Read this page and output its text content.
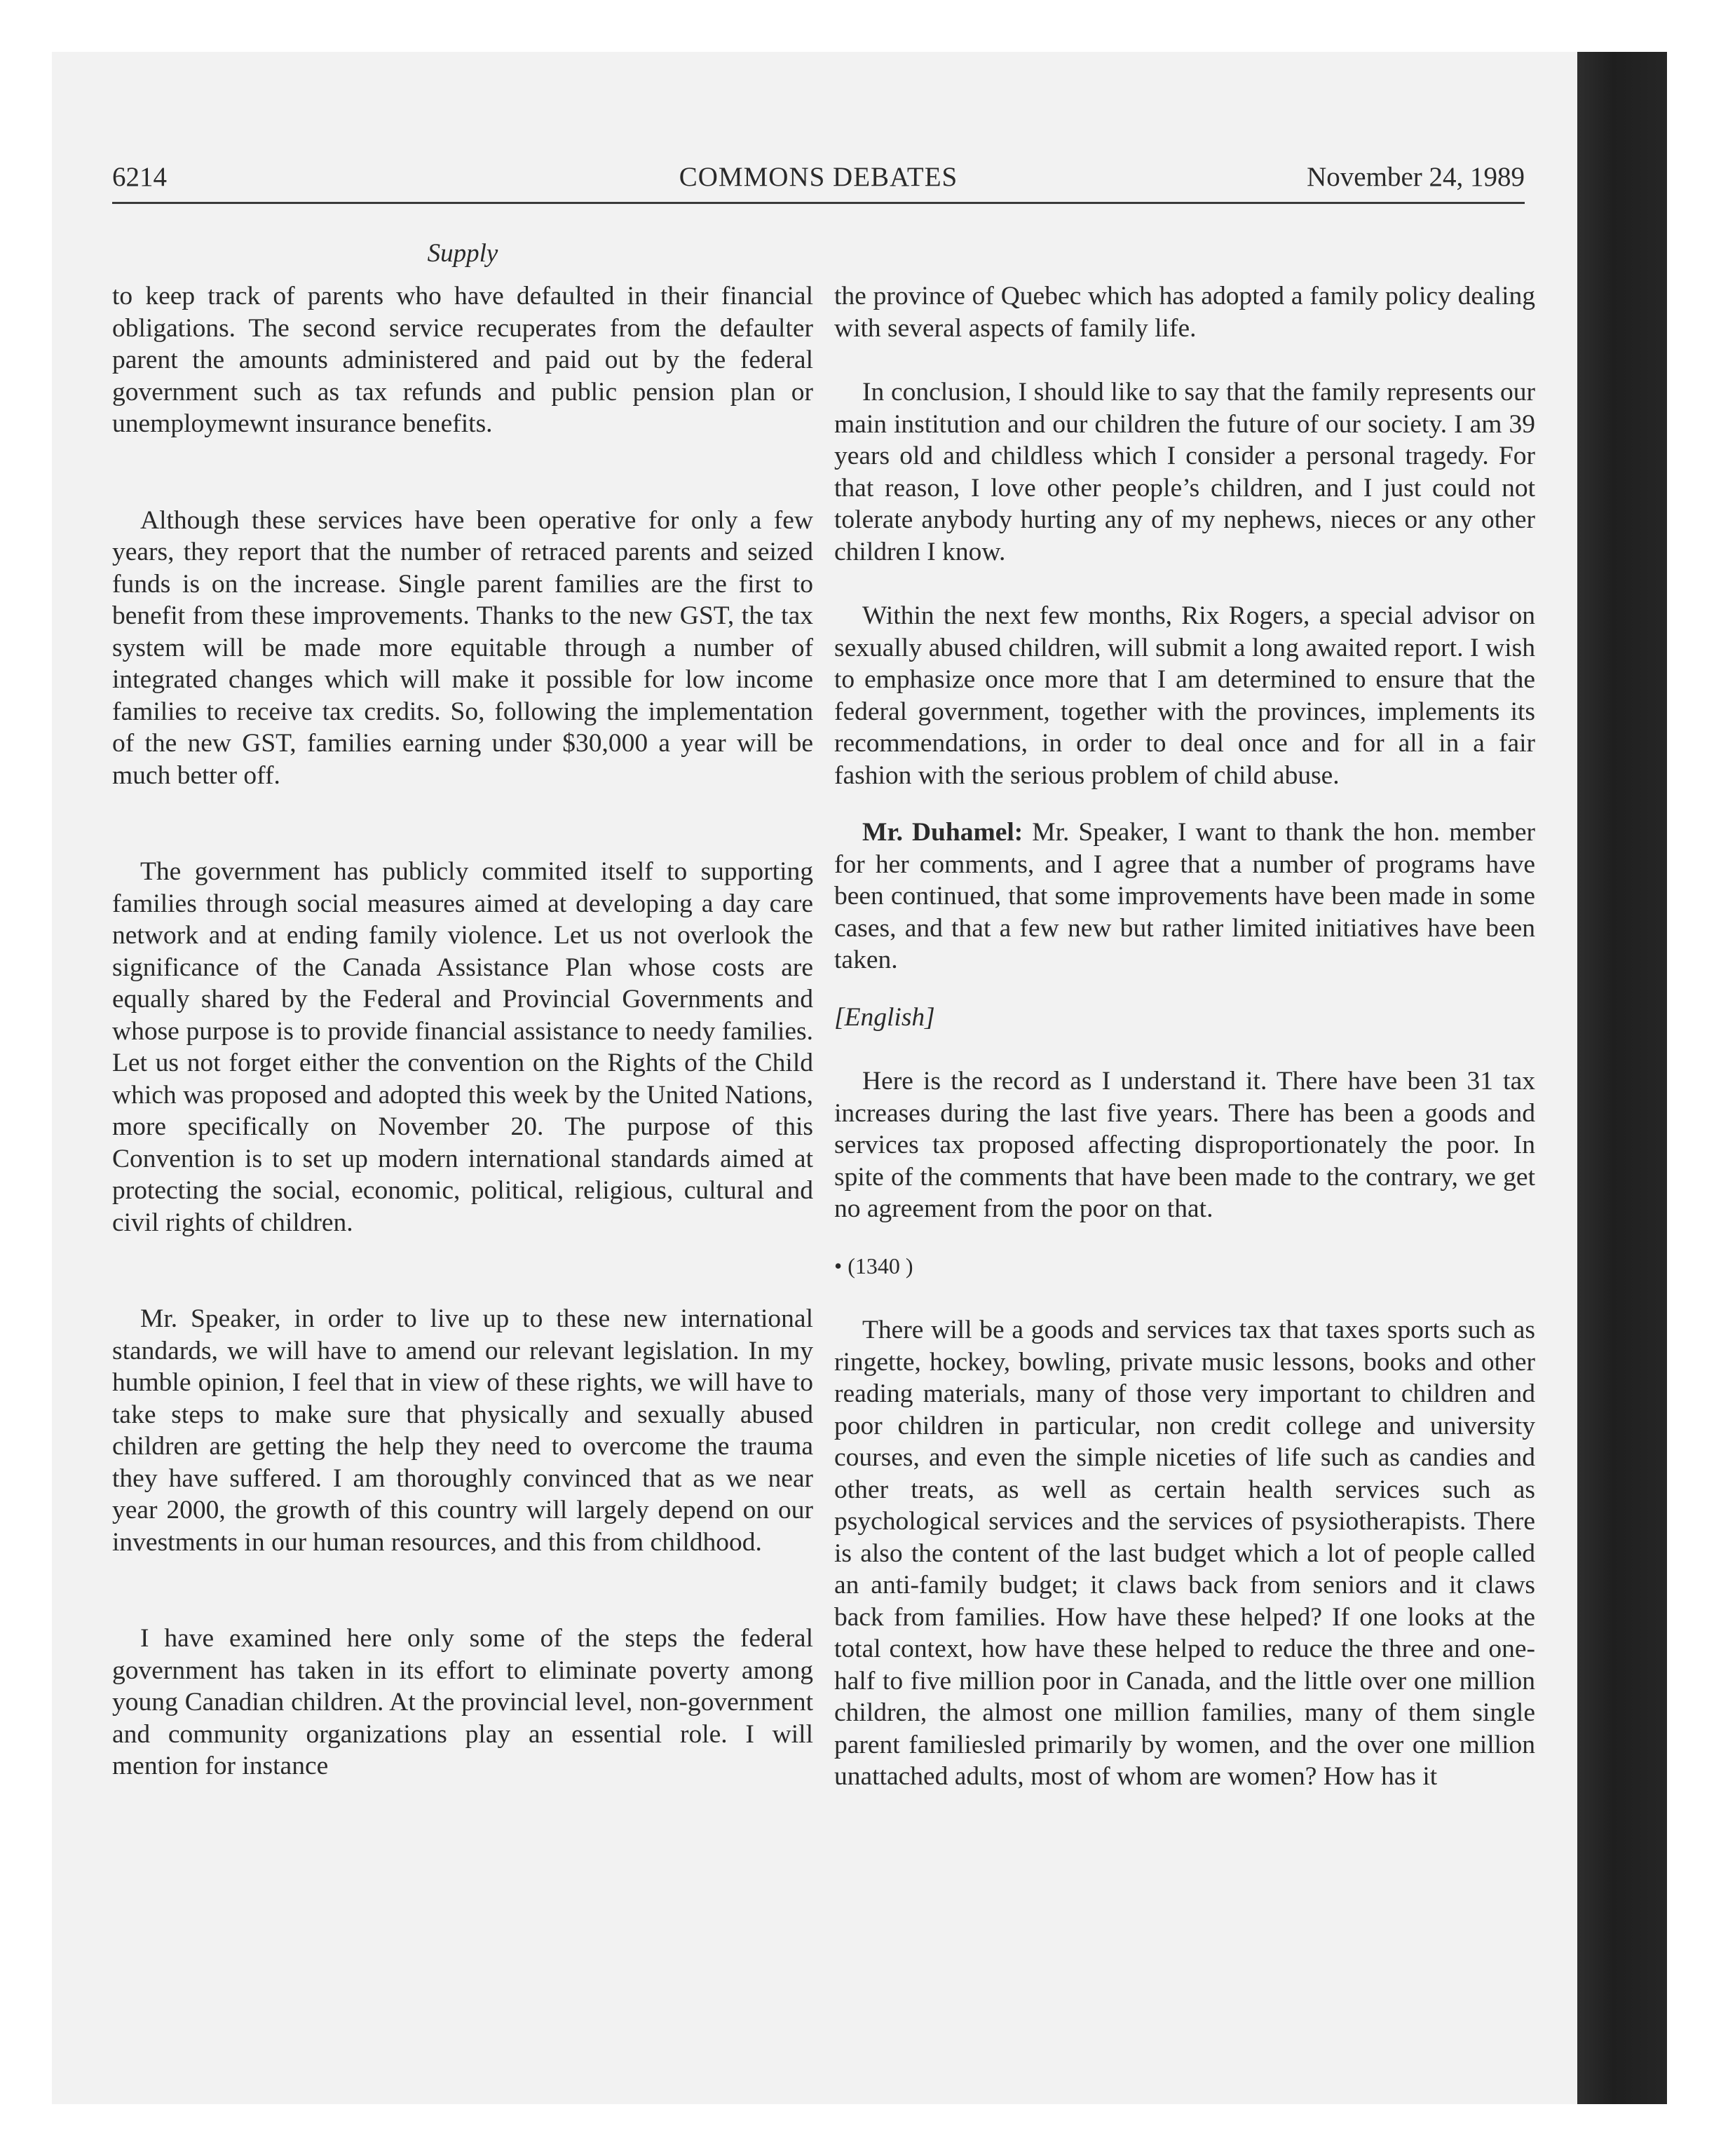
6214	COMMONS DEBATES	November 24, 1989
Supply

to keep track of parents who have defaulted in their financial obligations. The second service recuperates from the defaulter parent the amounts administered and paid out by the federal government such as tax refunds and public pension plan or unemploymewnt insurance benefits.

Although these services have been operative for only a few years, they report that the number of retraced parents and seized funds is on the increase. Single parent families are the first to benefit from these improvements. Thanks to the new GST, the tax system will be made more equitable through a number of integrated changes which will make it possible for low income families to receive tax credits. So, following the implementation of the new GST, families earning under $30,000 a year will be much better off.

The government has publicly commited itself to supporting families through social measures aimed at developing a day care network and at ending family violence. Let us not overlook the significance of the Canada Assistance Plan whose costs are equally shared by the Federal and Provincial Governments and whose purpose is to provide financial assistance to needy families. Let us not forget either the convention on the Rights of the Child which was proposed and adopted this week by the United Nations, more specifically on November 20. The purpose of this Convention is to set up modern international standards aimed at protecting the social, economic, political, religious, cultural and civil rights of children.

Mr. Speaker, in order to live up to these new international standards, we will have to amend our relevant legislation. In my humble opinion, I feel that in view of these rights, we will have to take steps to make sure that physically and sexually abused children are getting the help they need to overcome the trauma they have suffered. I am thoroughly convinced that as we near year 2000, the growth of this country will largely depend on our investments in our human resources, and this from childhood.

I have examined here only some of the steps the federal government has taken in its effort to eliminate poverty among young Canadian children. At the provincial level, non-government and community organizations play an essential role. I will mention for instance

the province of Quebec which has adopted a family policy dealing with several aspects of family life.

In conclusion, I should like to say that the family represents our main institution and our children the future of our society. I am 39 years old and childless which I consider a personal tragedy. For that reason, I love other people’s children, and I just could not tolerate anybody hurting any of my nephews, nieces or any other children I know.

Within the next few months, Rix Rogers, a special advisor on sexually abused children, will submit a long awaited report. I wish to emphasize once more that I am determined to ensure that the federal government, together with the provinces, implements its recommendations, in order to deal once and for all in a fair fashion with the serious problem of child abuse.

Mr. Duhamel: Mr. Speaker, I want to thank the hon. member for her comments, and I agree that a number of programs have been continued, that some improvements have been made in some cases, and that a few new but rather limited initiatives have been taken.

[English]

Here is the record as I understand it. There have been 31 tax increases during the last five years. There has been a goods and services tax proposed affecting disproportionately the poor. In spite of the comments that have been made to the contrary, we get no agreement from the poor on that.

• (1340 )

There will be a goods and services tax that taxes sports such as ringette, hockey, bowling, private music lessons, books and other reading materials, many of those very important to children and poor children in particular, non credit college and university courses, and even the simple niceties of life such as candies and other treats, as well as certain health services such as psychological services and the services of psysiotherapists. There is also the content of the last budget which a lot of people called an anti-family budget; it claws back from seniors and it claws back from families. How have these helped? If one looks at the total context, how have these helped to reduce the three and one-half to five million poor in Canada, and the little over one million children, the almost one million families, many of them single parent familiesled primarily by women, and the over one million unattached adults, most of whom are women? How has it
